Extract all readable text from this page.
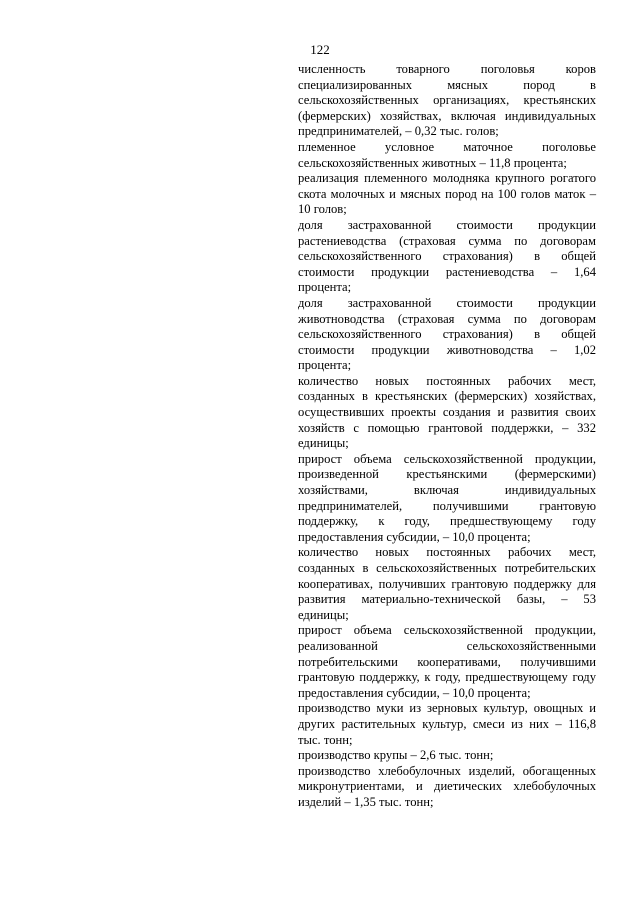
122

численность товарного поголовья коров специализированных мясных пород в сельскохозяйственных организациях, крестьянских (фермерских) хозяйствах, включая индивидуальных предпринимателей, – 0,32 тыс. голов;

племенное условное маточное поголовье сельскохозяйственных животных – 11,8 процента;

реализация племенного молодняка крупного рогатого скота молочных и мясных пород на 100 голов маток – 10 голов;

доля застрахованной стоимости продукции растениеводства (страховая сумма по договорам сельскохозяйственного страхования) в общей стоимости продукции растениеводства – 1,64 процента;

доля застрахованной стоимости продукции животноводства (страховая сумма по договорам сельскохозяйственного страхования) в общей стоимости продукции животноводства – 1,02 процента;

количество новых постоянных рабочих мест, созданных в крестьянских (фермерских) хозяйствах, осуществивших проекты создания и развития своих хозяйств с помощью грантовой поддержки, – 332 единицы;

прирост объема сельскохозяйственной продукции, произведенной крестьянскими (фермерскими) хозяйствами, включая индивидуальных предпринимателей, получившими грантовую поддержку, к году, предшествующему году предоставления субсидии, – 10,0 процента;

количество новых постоянных рабочих мест, созданных в сельскохозяйственных потребительских кооперативах, получивших грантовую поддержку для развития материально-технической базы, – 53 единицы;

прирост объема сельскохозяйственной продукции, реализованной сельскохозяйственными потребительскими кооперативами, получившими грантовую поддержку, к году, предшествующему году предоставления субсидии, – 10,0 процента;

производство муки из зерновых культур, овощных и других растительных культур, смеси из них – 116,8 тыс. тонн;

производство крупы – 2,6 тыс. тонн;

производство хлебобулочных изделий, обогащенных микронутриентами, и диетических хлебобулочных изделий – 1,35 тыс. тонн;
